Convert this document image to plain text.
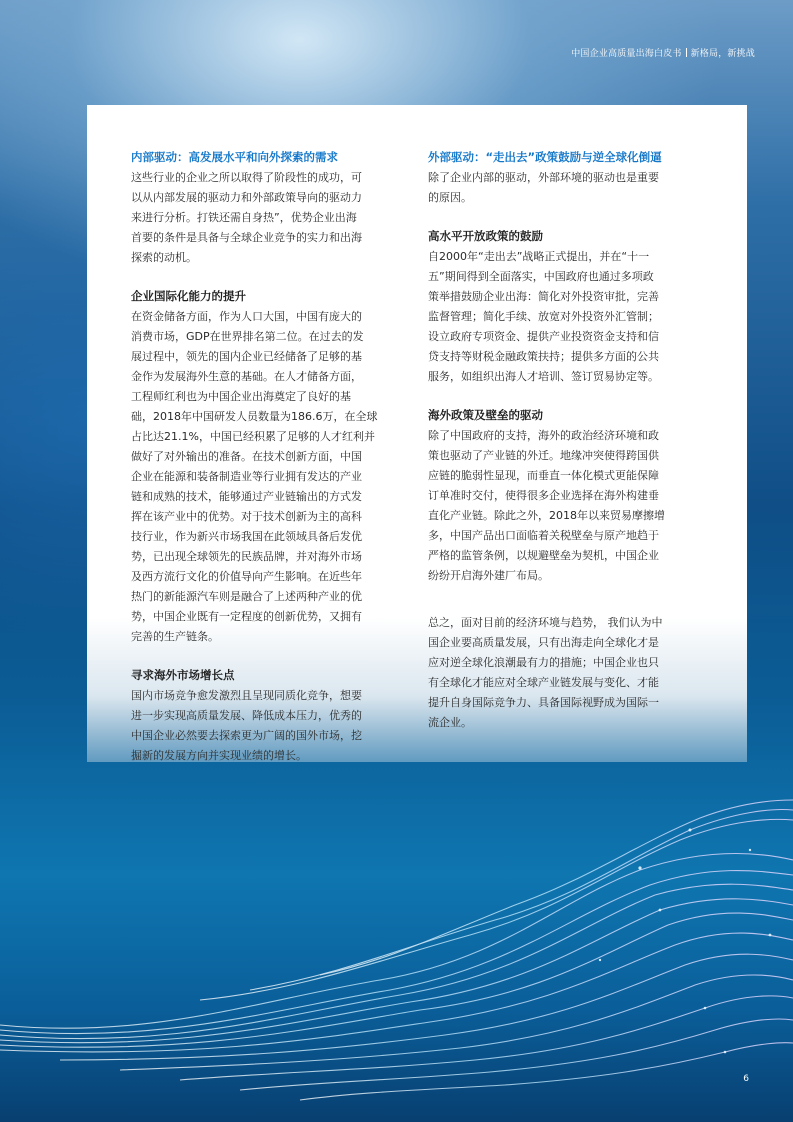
中国企业高质量出海白皮书 新格局，新挑战

内部驱动：高发展水平和向外探索的需求

这些行业的企业之所以取得了阶段性的成功，可

以从内部发展的驱动力和外部政策导向的驱动力

来进行分析。打铁还需自身热”，优势企业出海

首要的条件是具备与全球企业竞争的实力和出海

探索的动机。

企业国际化能力的提升

在资金储备方面，作为人口大国，中国有庞大的

消费市场，GDP在世界排名第二位。在过去的发

展过程中，领先的国内企业已经储备了足够的基

金作为发展海外生意的基础。在人才储备方面，

工程师红利也为中国企业出海奠定了良好的基

础，2018年中国研发人员数量为186.6万，在全球

占比达21.1%，中国已经积累了足够的人才红利并

做好了对外输出的准备。在技术创新方面，中国

企业在能源和装备制造业等行业拥有发达的产业

链和成熟的技术，能够通过产业链输出的方式发

挥在该产业中的优势。对于技术创新为主的高科

技行业，作为新兴市场我国在此领域具备后发优

势，已出现全球领先的民族品牌，并对海外市场

及西方流行文化的价值导向产生影响。在近些年

热门的新能源汽车则是融合了上述两种产业的优

势，中国企业既有一定程度的创新优势，又拥有

完善的生产链条。

寻求海外市场增长点

国内市场竞争愈发激烈且呈现同质化竞争，想要

进一步实现高质量发展、降低成本压力，优秀的

中国企业必然要去探索更为广阔的国外市场，挖

掘新的发展方向并实现业绩的增长。

外部驱动：“走出去”政策鼓励与逆全球化倒逼

除了企业内部的驱动，外部环境的驱动也是重要

的原因。

高水平开放政策的鼓励

自2000年“走出去”战略正式提出，并在“十一

五”期间得到全面落实，中国政府也通过多项政

策举措鼓励企业出海：简化对外投资审批，完善

监督管理；简化手续、放宽对外投资外汇管制；

设立政府专项资金、提供产业投资资金支持和信

贷支持等财税金融政策扶持；提供多方面的公共

服务，如组织出海人才培训、签订贸易协定等。

海外政策及壁垒的驱动

除了中国政府的支持，海外的政治经济环境和政

策也驱动了产业链的外迁。地缘冲突使得跨国供

应链的脆弱性显现，而垂直一体化模式更能保障

订单准时交付，使得很多企业选择在海外构建垂

直化产业链。除此之外，2018年以来贸易摩擦增

多，中国产品出口面临着关税壁垒与原产地趋于

严格的监管条例，以规避壁垒为契机，中国企业

纷纷开启海外建厂布局。

总之，面对目前的经济环境与趋势， 我们认为中

国企业要高质量发展，只有出海走向全球化才是

应对逆全球化浪潮最有力的措施；中国企业也只

有全球化才能应对全球产业链发展与变化、才能

提升自身国际竞争力、具备国际视野成为国际一

流企业。

6
